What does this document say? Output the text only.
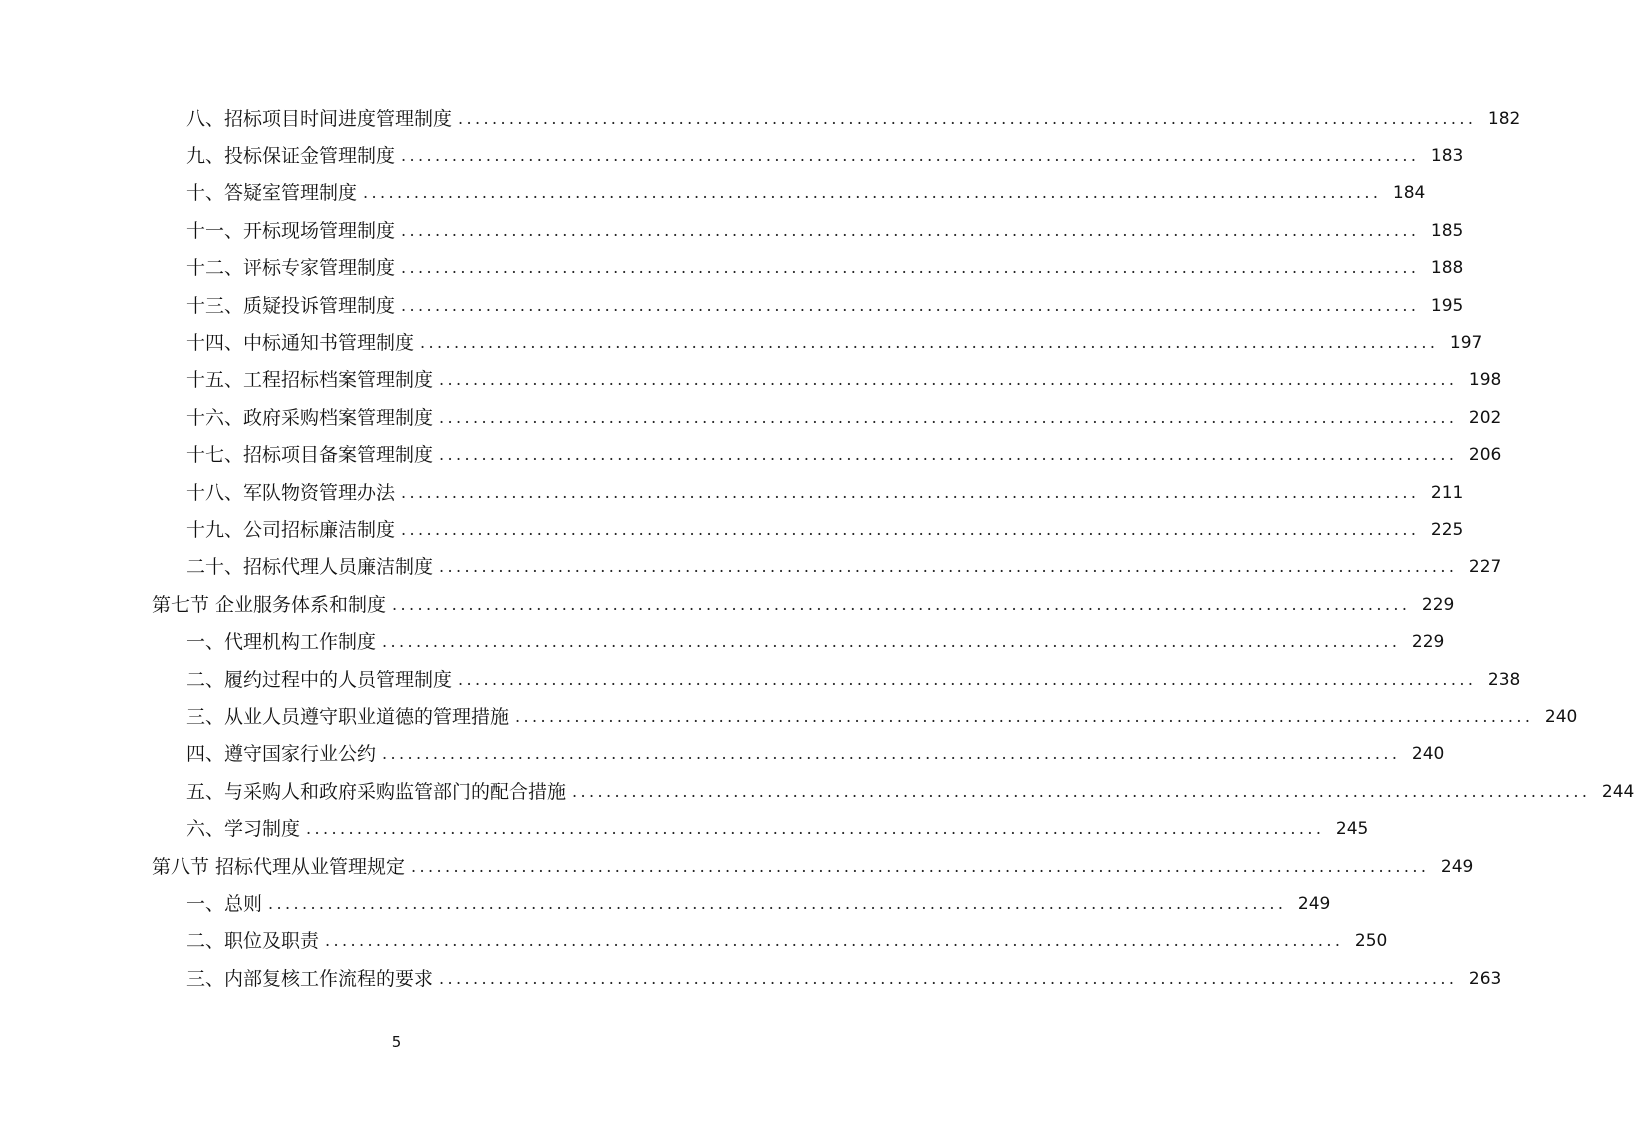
八、招标项目时间进度管理制度 ........................................................................................................................ 182
九、投标保证金管理制度 ........................................................................................................................ 183
十、答疑室管理制度 ........................................................................................................................ 184
十一、开标现场管理制度 ........................................................................................................................ 185
十二、评标专家管理制度 ........................................................................................................................ 188
十三、质疑投诉管理制度 ........................................................................................................................ 195
十四、中标通知书管理制度 ........................................................................................................................ 197
十五、工程招标档案管理制度 ........................................................................................................................ 198
十六、政府采购档案管理制度 ........................................................................................................................ 202
十七、招标项目备案管理制度 ........................................................................................................................ 206
十八、军队物资管理办法 ........................................................................................................................ 211
十九、公司招标廉洁制度 ........................................................................................................................ 225
二十、招标代理人员廉洁制度 ........................................................................................................................ 227
第七节 企业服务体系和制度 ........................................................................................................................ 229
一、代理机构工作制度 ........................................................................................................................ 229
二、履约过程中的人员管理制度 ........................................................................................................................ 238
三、从业人员遵守职业道德的管理措施 ........................................................................................................................ 240
四、遵守国家行业公约 ........................................................................................................................ 240
五、与采购人和政府采购监管部门的配合措施 ........................................................................................................................ 244
六、学习制度 ........................................................................................................................ 245
第八节 招标代理从业管理规定 ........................................................................................................................ 249
一、总则 ........................................................................................................................ 249
二、职位及职责 ........................................................................................................................ 250
三、内部复核工作流程的要求 ........................................................................................................................ 263
5
